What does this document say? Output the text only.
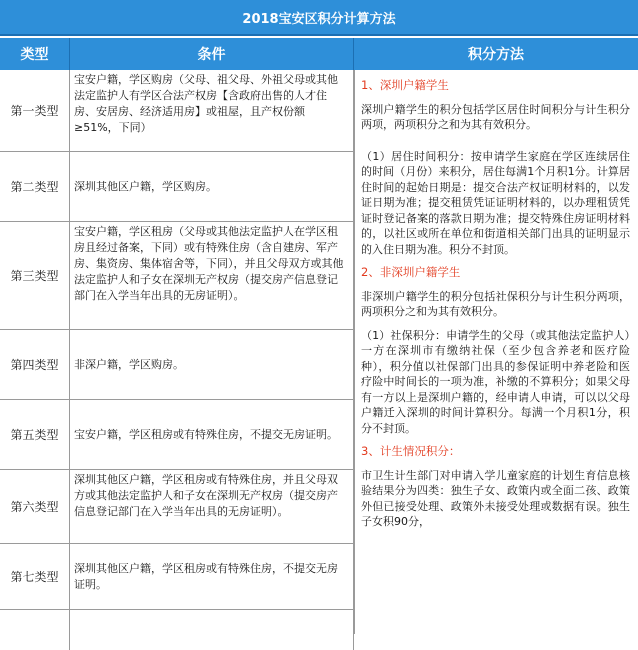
2018宝安区积分计算方法
类型	条件	积分方法
第一类型
第二类型
第三类型
第四类型
第五类型
第六类型
第七类型
宝安户籍，学区购房（父母、祖父母、外祖父母或其他法定监护人有学区合法产权房【含政府出售的人才住房、安居房、经济适用房】或祖屋，且产权份额≥51%，下同）
深圳其他区户籍，学区购房。
宝安户籍，学区租房（父母或其他法定监护人在学区租房且经过备案，下同）或有特殊住房（含自建房、军产房、集资房、集体宿舍等，下同），并且父母双方或其他法定监护人和子女在深圳无产权房（提交房产信息登记部门在入学当年出具的无房证明）。
非深户籍，学区购房。
宝安户籍，学区租房或有特殊住房，不提交无房证明。
深圳其他区户籍，学区租房或有特殊住房，并且父母双方或其他法定监护人和子女在深圳无产权房（提交房产信息登记部门在入学当年出具的无房证明）。
深圳其他区户籍，学区租房或有特殊住房，不提交无房证明。

1、深圳户籍学生

深圳户籍学生的积分包括学区居住时间积分与计生积分两项，两项积分之和为其有效积分。

（1）居住时间积分：按申请学生家庭在学区连续居住的时间（月份）来积分，居住每满1个月积1分。计算居住时间的起始日期是：提交合法产权证明材料的，以发证日期为准；提交租赁凭证证明材料的，以办理租赁凭证时登记备案的落款日期为准；提交特殊住房证明材料的，以社区或所在单位和街道相关部门出具的证明显示的入住日期为准。积分不封顶。

2、非深圳户籍学生

非深圳户籍学生的积分包括社保积分与计生积分两项，两项积分之和为其有效积分。

（1）社保积分：申请学生的父母（或其他法定监护人）一方在深圳市有缴纳社保（至少包含养老和医疗险种），积分值以社保部门出具的参保证明中养老险和医疗险中时间长的一项为准，补缴的不算积分；如果父母有一方以上是深圳户籍的，经申请人申请，可以以父母户籍迁入深圳的时间计算积分。每满一个月积1分，积分不封顶。

3、计生情况积分：

市卫生计生部门对申请入学儿童家庭的计划生育信息核验结果分为四类：独生子女、政策内或全面二孩、政策外但已接受处理、政策外未接受处理或数据有误。独生子女积90分，
